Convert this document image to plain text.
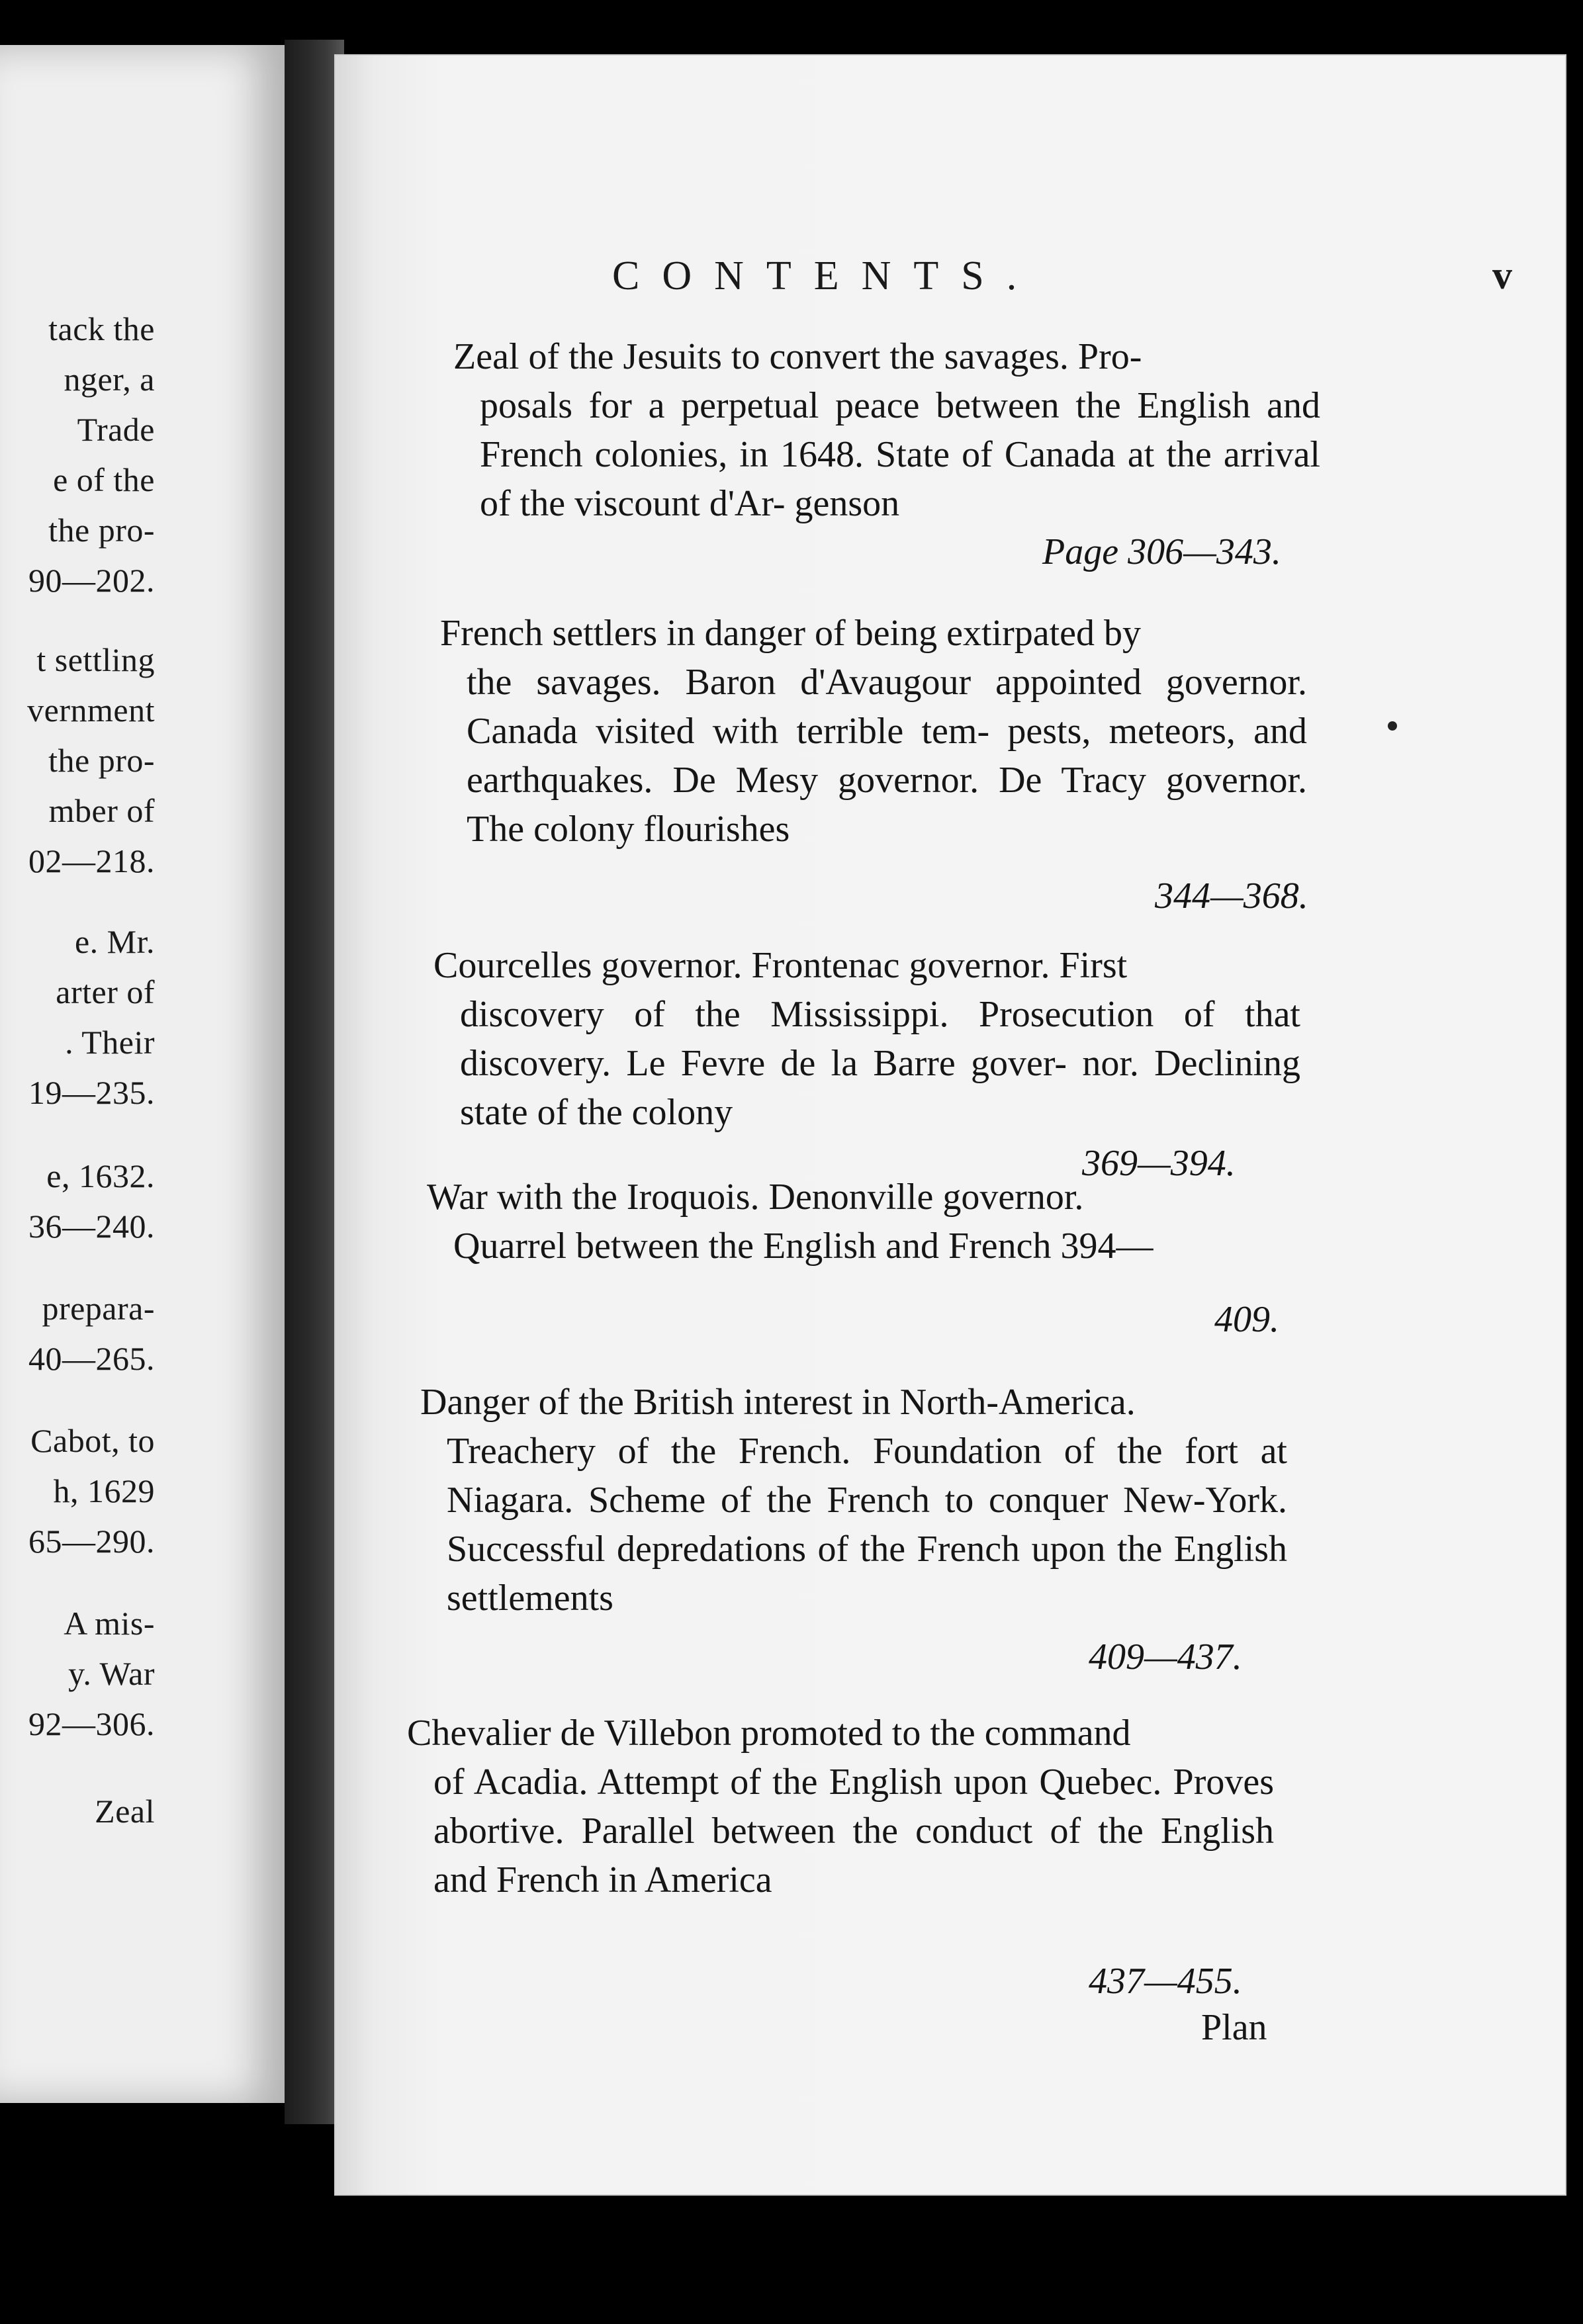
tack the
nger, a
Trade
e of the
the pro-
90—202.
t settling
vernment
the pro-
mber of
02—218.
e. Mr.
arter of
. Their
19—235.
e, 1632.
36—240.
prepara-
40—265.
Cabot, to
h, 1629
65—290.
A mis-
y. War
92—306.
Zeal
CONTENTS.	v
Zeal of the Jesuits to convert the savages. Pro-
posals for a perpetual peace between the English and French colonies, in 1648. State of Canada at the arrival of the viscount d'Ar- genson
Page 306—343.
French settlers in danger of being extirpated by
the savages. Baron d'Avaugour appointed governor. Canada visited with terrible tem- pests, meteors, and earthquakes. De Mesy governor. De Tracy governor. The colony flourishes
344—368.
Courcelles governor. Frontenac governor. First
discovery of the Mississippi. Prosecution of that discovery. Le Fevre de la Barre gover- nor. Declining state of the colony
369—394.
War with the Iroquois. Denonville governor.
Quarrel between the English and French 394—
409.
Danger of the British interest in North-America.
Treachery of the French. Foundation of the fort at Niagara. Scheme of the French to conquer New-York. Successful depredations of the French upon the English settlements
409—437.
Chevalier de Villebon promoted to the command
of Acadia. Attempt of the English upon Quebec. Proves abortive. Parallel between the conduct of the English and French in America
437—455.
Plan
